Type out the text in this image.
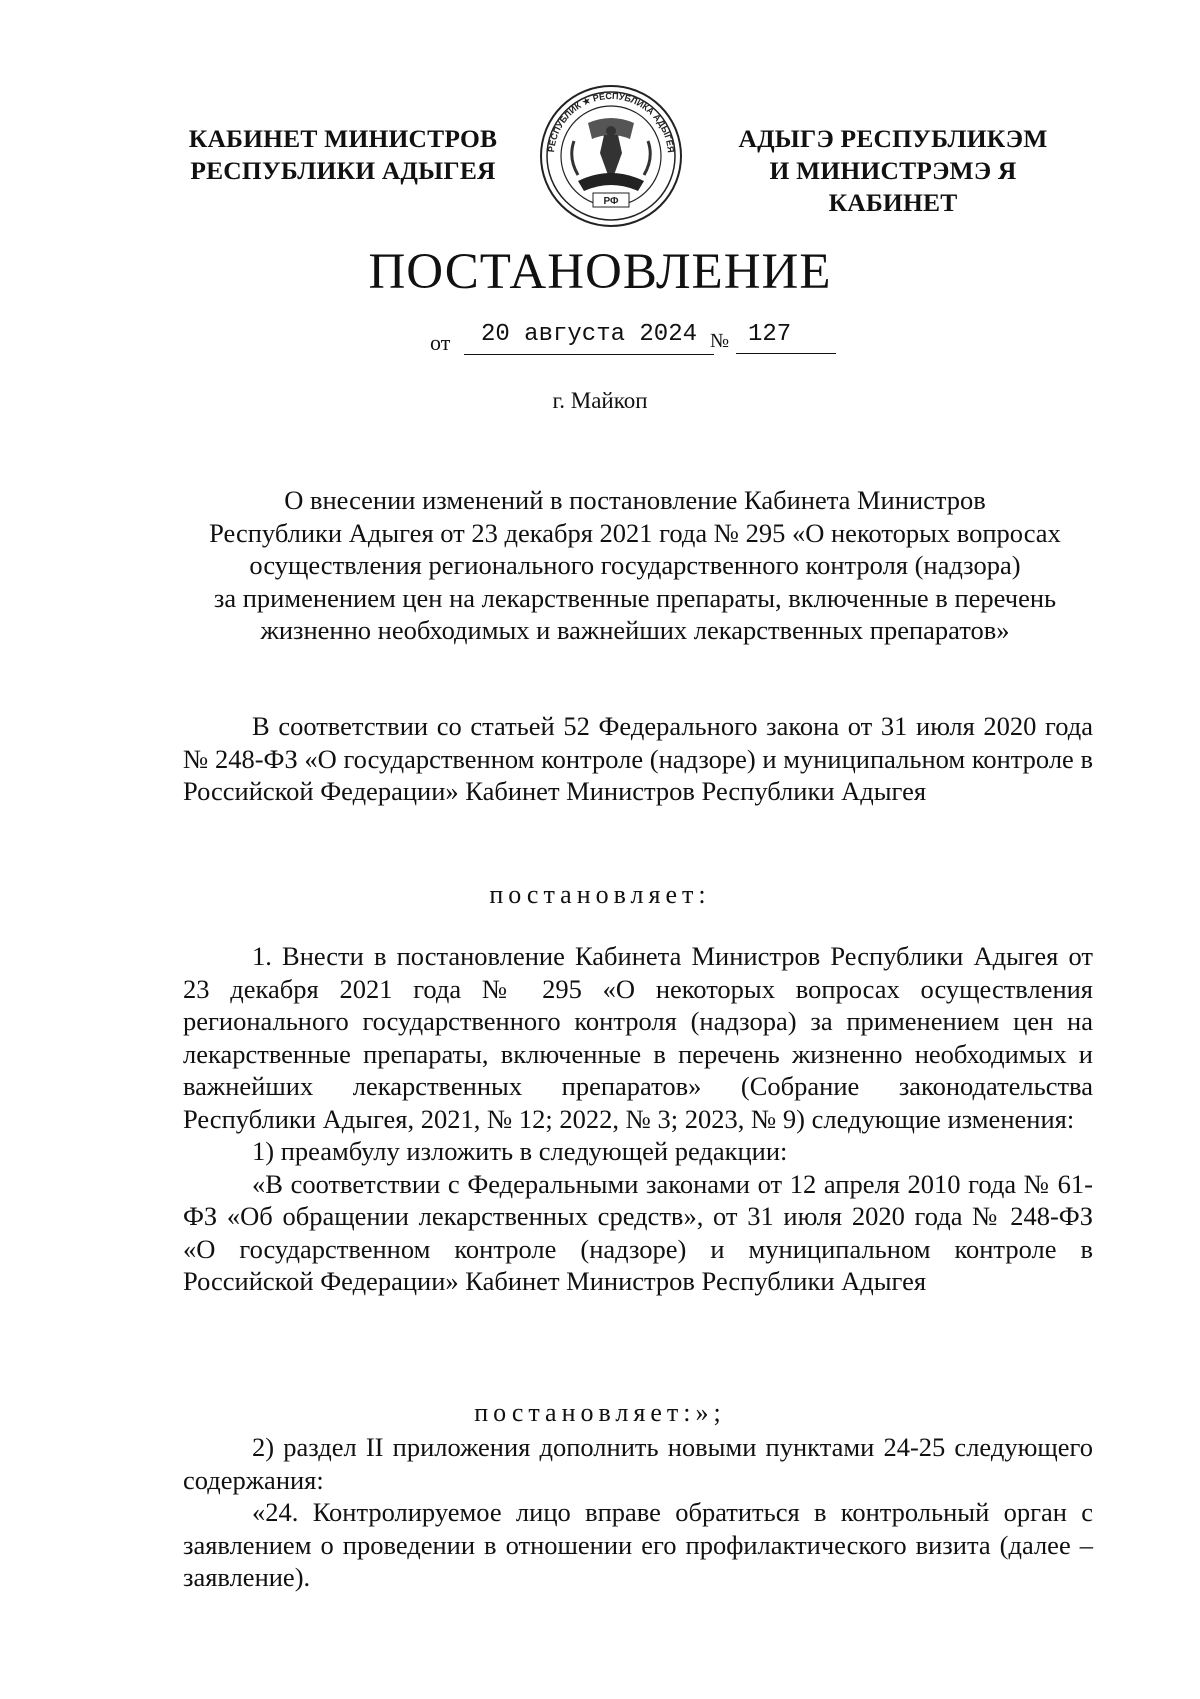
КАБИНЕТ МИНИСТРОВ
РЕСПУБЛИКИ АДЫГЕЯ
РЕСПУБЛИК ★ РЕСПУБЛИКА АДЫГЕЯ
РФ
АДЫГЭ РЕСПУБЛИКЭМ
И МИНИСТРЭМЭ Я КАБИНЕТ
ПОСТАНОВЛЕНИЕ
от	20 августа 2024 № 127
г. Майкоп
О внесении изменений в постановление Кабинета Министров
Республики Адыгея от 23 декабря 2021 года № 295 «О некоторых вопросах
осуществления регионального государственного контроля (надзора)
за применением цен на лекарственные препараты, включенные в перечень
жизненно необходимых и важнейших лекарственных препаратов»
В соответствии со статьей 52 Федерального закона от 31 июля 2020 года № 248-ФЗ «О государственном контроле (надзоре) и муниципальном контроле в Российской Федерации» Кабинет Министров Республики Адыгея
постановляет:

1. Внести в постановление Кабинета Министров Республики Адыгея от 23 декабря 2021 года № 295 «О некоторых вопросах осуществления регионального государственного контроля (надзора) за применением цен на лекарственные препараты, включенные в перечень жизненно необходимых и важнейших лекарственных препаратов» (Собрание законодательства Республики Адыгея, 2021, № 12; 2022, № 3; 2023, № 9) следующие изменения:

1) преамбулу изложить в следующей редакции:

«В соответствии с Федеральными законами от 12 апреля 2010 года № 61-ФЗ «Об обращении лекарственных средств», от 31 июля 2020 года № 248-ФЗ «О государственном контроле (надзоре) и муниципальном контроле в Российской Федерации» Кабинет Министров Республики Адыгея

постановляет:»;

2) раздел II приложения дополнить новыми пунктами 24-25 следующего содержания:

«24. Контролируемое лицо вправе обратиться в контрольный орган с заявлением о проведении в отношении его профилактического визита (далее – заявление).
